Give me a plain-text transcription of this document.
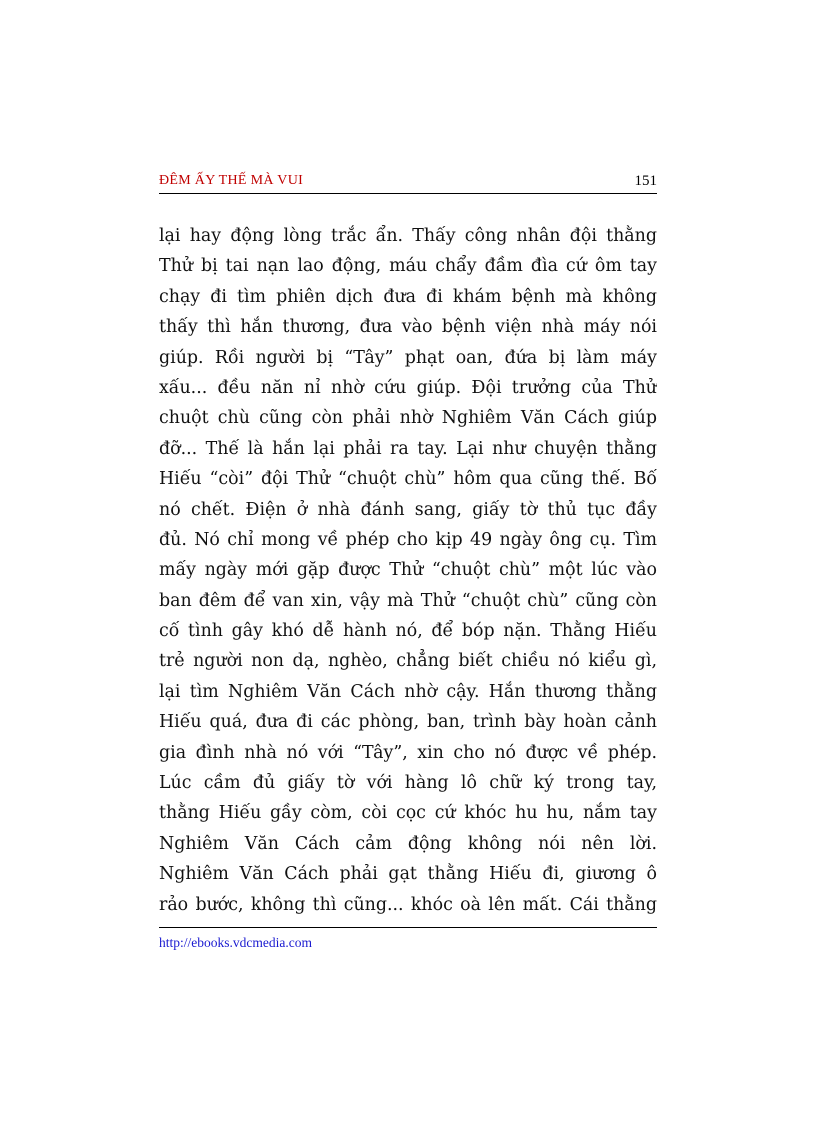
ĐÊM ẤY THẾ MÀ VUI	151
lại hay động lòng trắc ẩn. Thấy công nhân đội thằng
Thử bị tai nạn lao động, máu chẩy đầm đìa cứ ôm tay
chạy đi tìm phiên dịch đưa đi khám bệnh mà không
thấy thì hắn thương, đưa vào bệnh viện nhà máy nói
giúp. Rồi người bị “Tây” phạt oan, đứa bị làm máy
xấu... đều năn nỉ nhờ cứu giúp. Đội trưởng của Thử
chuột chù cũng còn phải nhờ Nghiêm Văn Cách giúp
đỡ... Thế là hắn lại phải ra tay. Lại như chuyện thằng
Hiếu “còi” đội Thử “chuột chù” hôm qua cũng thế. Bố
nó chết. Điện ở nhà đánh sang, giấy tờ thủ tục đầy
đủ. Nó chỉ mong về phép cho kịp 49 ngày ông cụ. Tìm
mấy ngày mới gặp được Thử “chuột chù” một lúc vào
ban đêm để van xin, vậy mà Thử “chuột chù” cũng còn
cố tình gây khó dễ hành nó, để bóp nặn. Thằng Hiếu
trẻ người non dạ, nghèo, chẳng biết chiều nó kiểu gì,
lại tìm Nghiêm Văn Cách nhờ cậy. Hắn thương thằng
Hiếu quá, đưa đi các phòng, ban, trình bày hoàn cảnh
gia đình nhà nó với “Tây”, xin cho nó được về phép.
Lúc cầm đủ giấy tờ với hàng lô chữ ký trong tay,
thằng Hiếu gầy còm, còi cọc cứ khóc hu hu, nắm tay
Nghiêm Văn Cách cảm động không nói nên lời.
Nghiêm Văn Cách phải gạt thằng Hiếu đi, giương ô
rảo bước, không thì cũng... khóc oà lên mất. Cái thằng
http://ebooks.vdcmedia.com
